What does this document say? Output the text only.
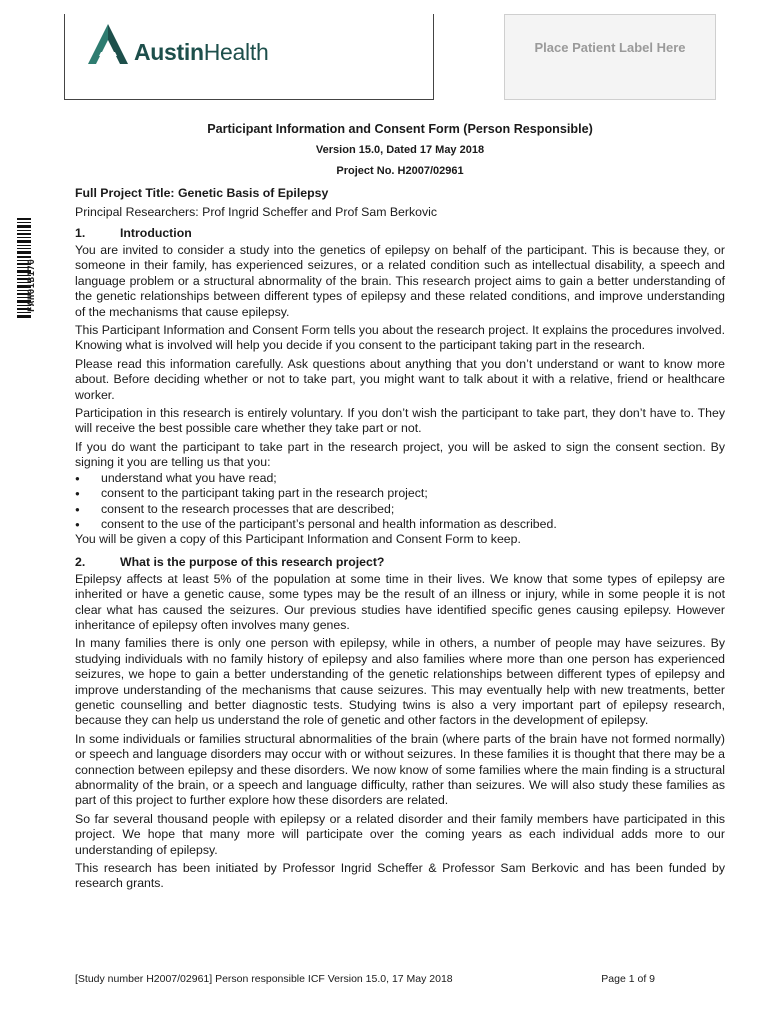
AustinHealth	Place Patient Label Here
FAH01B170
Participant Information and Consent Form (Person Responsible)
Version 15.0, Dated 17 May 2018
Project No. H2007/02961
Full Project Title: Genetic Basis of Epilepsy
Principal Researchers: Prof Ingrid Scheffer and Prof Sam Berkovic
1.	Introduction

You are invited to consider a study into the genetics of epilepsy on behalf of the participant. This is because they, or someone in their family, has experienced seizures, or a related condition such as intellectual disability, a speech and language problem or a structural abnormality of the brain. This research project aims to gain a better understanding of the genetic relationships between different types of epilepsy and these related conditions, and improve understanding of the mechanisms that cause epilepsy.

This Participant Information and Consent Form tells you about the research project. It explains the procedures involved. Knowing what is involved will help you decide if you consent to the participant taking part in the research.

Please read this information carefully. Ask questions about anything that you don’t understand or want to know more about. Before deciding whether or not to take part, you might want to talk about it with a relative, friend or healthcare worker.

Participation in this research is entirely voluntary. If you don’t wish the participant to take part, they don’t have to. They will receive the best possible care whether they take part or not.

If you do want the participant to take part in the research project, you will be asked to sign the consent section. By signing it you are telling us that you:

● understand what you have read;
● consent to the participant taking part in the research project;
● consent to the research processes that are described;
● consent to the use of the participant’s personal and health information as described.

You will be given a copy of this Participant Information and Consent Form to keep.

2.	What is the purpose of this research project?

Epilepsy affects at least 5% of the population at some time in their lives. We know that some types of epilepsy are inherited or have a genetic cause, some types may be the result of an illness or injury, while in some people it is not clear what has caused the seizures. Our previous studies have identified specific genes causing epilepsy. However inheritance of epilepsy often involves many genes.

In many families there is only one person with epilepsy, while in others, a number of people may have seizures. By studying individuals with no family history of epilepsy and also families where more than one person has experienced seizures, we hope to gain a better understanding of the genetic relationships between different types of epilepsy and improve understanding of the mechanisms that cause seizures. This may eventually help with new treatments, better genetic counselling and better diagnostic tests. Studying twins is also a very important part of epilepsy research, because they can help us understand the role of genetic and other factors in the development of epilepsy.

In some individuals or families structural abnormalities of the brain (where parts of the brain have not formed normally) or speech and language disorders may occur with or without seizures. In these families it is thought that there may be a connection between epilepsy and these disorders. We now know of some families where the main finding is a structural abnormality of the brain, or a speech and language difficulty, rather than seizures. We will also study these families as part of this project to further explore how these disorders are related.

So far several thousand people with epilepsy or a related disorder and their family members have participated in this project. We hope that many more will participate over the coming years as each individual adds more to our understanding of epilepsy.

This research has been initiated by Professor Ingrid Scheffer & Professor Sam Berkovic and has been funded by research grants.

[Study number H2007/02961] Person responsible ICF Version 15.0, 17 May 2018	Page 1 of 9
